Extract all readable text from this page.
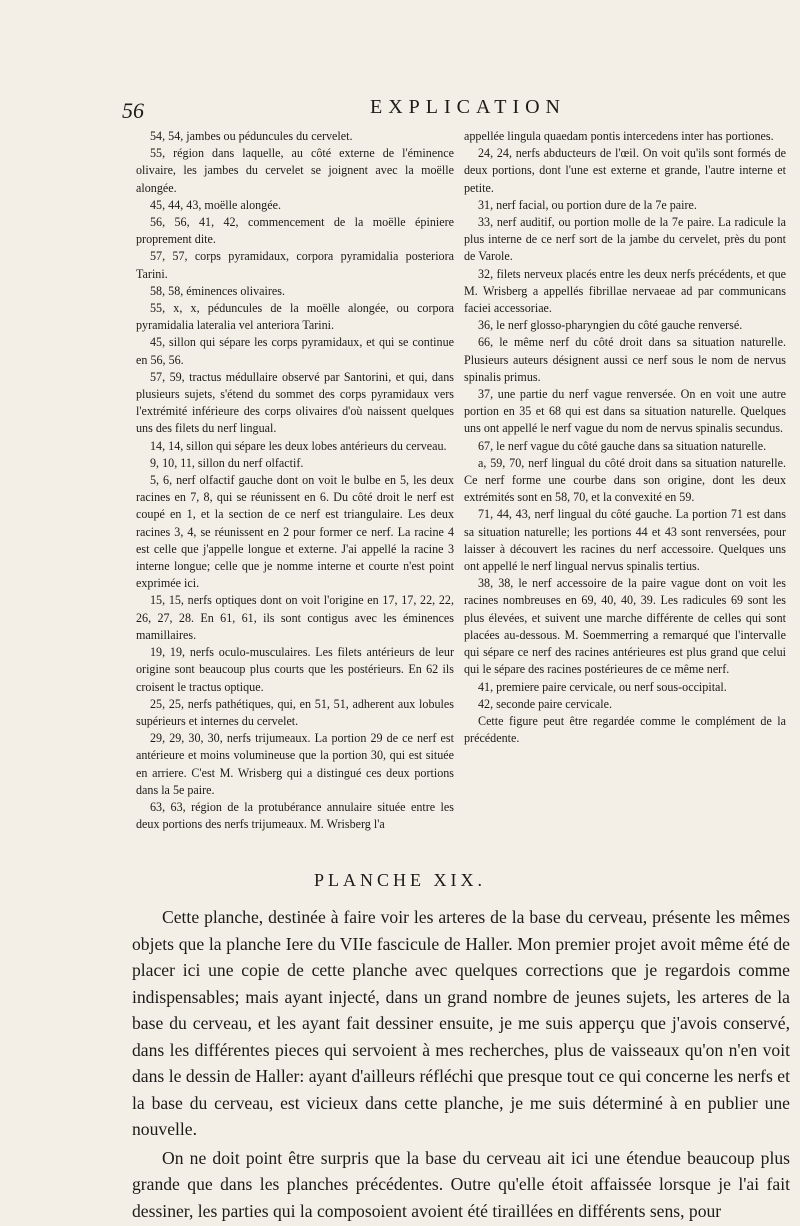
56	EXPLICATION

54, 54, jambes ou péduncules du cervelet.

55, région dans laquelle, au côté externe de l'éminence olivaire, les jambes du cervelet se joignent avec la moëlle alongée.

45, 44, 43, moëlle alongée.

56, 56, 41, 42, commencement de la moëlle épiniere proprement dite.

57, 57, corps pyramidaux, corpora pyramidalia posteriora Tarini.

58, 58, éminences olivaires.

55, x, x, péduncules de la moëlle alongée, ou corpora pyramidalia lateralia vel anteriora Tarini.

45, sillon qui sépare les corps pyramidaux, et qui se continue en 56, 56.

57, 59, tractus médullaire observé par Santorini, et qui, dans plusieurs sujets, s'étend du sommet des corps pyramidaux vers l'extrémité inférieure des corps olivaires d'où naissent quelques uns des filets du nerf lingual.

14, 14, sillon qui sépare les deux lobes antérieurs du cerveau.

9, 10, 11, sillon du nerf olfactif.

5, 6, nerf olfactif gauche dont on voit le bulbe en 5, les deux racines en 7, 8, qui se réunissent en 6. Du côté droit le nerf est coupé en 1, et la section de ce nerf est triangulaire. Les deux racines 3, 4, se réunissent en 2 pour former ce nerf. La racine 4 est celle que j'appelle longue et externe. J'ai appellé la racine 3 interne longue; celle que je nomme interne et courte n'est point exprimée ici.

15, 15, nerfs optiques dont on voit l'origine en 17, 17, 22, 22, 26, 27, 28. En 61, 61, ils sont contigus avec les éminences mamillaires.

19, 19, nerfs oculo-musculaires. Les filets antérieurs de leur origine sont beaucoup plus courts que les postérieurs. En 62 ils croisent le tractus optique.

25, 25, nerfs pathétiques, qui, en 51, 51, adherent aux lobules supérieurs et internes du cervelet.

29, 29, 30, 30, nerfs trijumeaux. La portion 29 de ce nerf est antérieure et moins volumineuse que la portion 30, qui est située en arriere. C'est M. Wrisberg qui a distingué ces deux portions dans la 5e paire.

63, 63, région de la protubérance annulaire située entre les deux portions des nerfs trijumeaux. M. Wrisberg l'a

appellée lingula quaedam pontis intercedens inter has portiones.

24, 24, nerfs abducteurs de l'œil. On voit qu'ils sont formés de deux portions, dont l'une est externe et grande, l'autre interne et petite.

31, nerf facial, ou portion dure de la 7e paire.

33, nerf auditif, ou portion molle de la 7e paire. La radicule la plus interne de ce nerf sort de la jambe du cervelet, près du pont de Varole.

32, filets nerveux placés entre les deux nerfs précédents, et que M. Wrisberg a appellés fibrillae nervaeae ad par communicans faciei accessoriae.

36, le nerf glosso-pharyngien du côté gauche renversé.

66, le même nerf du côté droit dans sa situation naturelle. Plusieurs auteurs désignent aussi ce nerf sous le nom de nervus spinalis primus.

37, une partie du nerf vague renversée. On en voit une autre portion en 35 et 68 qui est dans sa situation naturelle. Quelques uns ont appellé le nerf vague du nom de nervus spinalis secundus.

67, le nerf vague du côté gauche dans sa situation naturelle.

a, 59, 70, nerf lingual du côté droit dans sa situation naturelle. Ce nerf forme une courbe dans son origine, dont les deux extrémités sont en 58, 70, et la convexité en 59.

71, 44, 43, nerf lingual du côté gauche. La portion 71 est dans sa situation naturelle; les portions 44 et 43 sont renversées, pour laisser à découvert les racines du nerf accessoire. Quelques uns ont appellé le nerf lingual nervus spinalis tertius.

38, 38, le nerf accessoire de la paire vague dont on voit les racines nombreuses en 69, 40, 40, 39. Les radicules 69 sont les plus élevées, et suivent une marche différente de celles qui sont placées au-dessous. M. Soemmerring a remarqué que l'intervalle qui sépare ce nerf des racines antérieures est plus grand que celui qui le sépare des racines postérieures de ce même nerf.

41, premiere paire cervicale, ou nerf sous-occipital.

42, seconde paire cervicale.

Cette figure peut être regardée comme le complément de la précédente.

PLANCHE XIX.

Cette planche, destinée à faire voir les arteres de la base du cerveau, présente les mêmes objets que la planche Iere du VIIe fascicule de Haller. Mon premier projet avoit même été de placer ici une copie de cette planche avec quelques corrections que je regardois comme indispensables; mais ayant injecté, dans un grand nombre de jeunes sujets, les arteres de la base du cerveau, et les ayant fait dessiner ensuite, je me suis apperçu que j'avois conservé, dans les différentes pieces qui servoient à mes recherches, plus de vaisseaux qu'on n'en voit dans le dessin de Haller: ayant d'ailleurs réfléchi que presque tout ce qui concerne les nerfs et la base du cerveau, est vicieux dans cette planche, je me suis déterminé à en publier une nouvelle.

On ne doit point être surpris que la base du cerveau ait ici une étendue beaucoup plus grande que dans les planches précédentes. Outre qu'elle étoit affaissée lorsque je l'ai fait dessiner, les parties qui la composoient avoient été tiraillées en différents sens, pour
